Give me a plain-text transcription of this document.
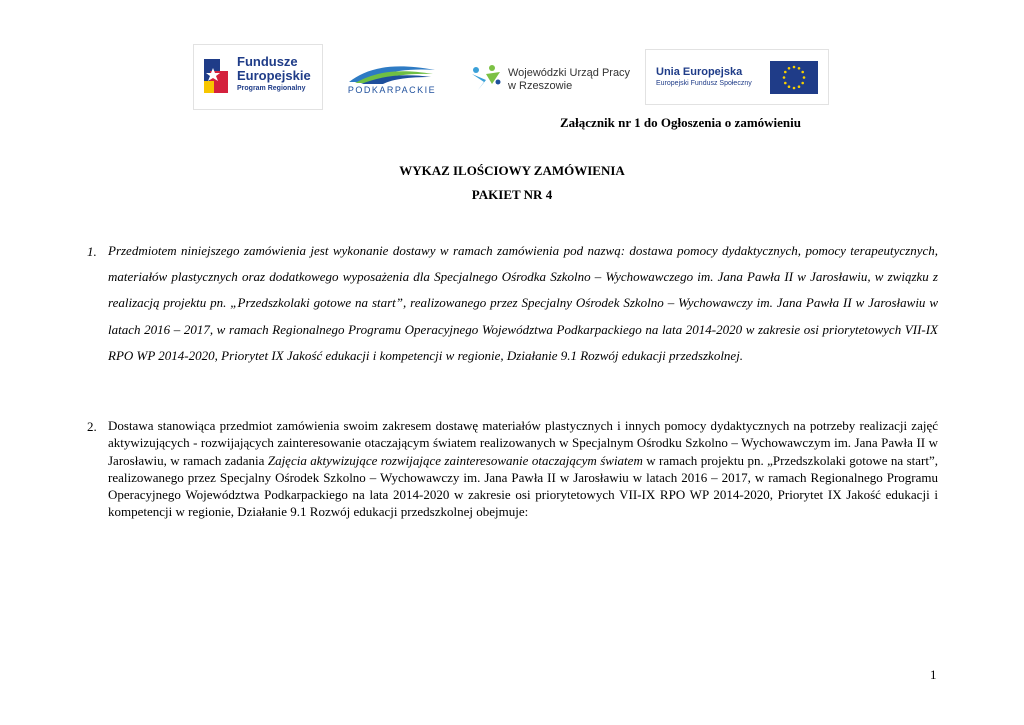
Fundusze
Europejskie
Program Regionalny	PODKARPACKIE
Wojewódzki Urząd Pracy
w Rzeszowie
Unia Europejska
Europejski Fundusz Społeczny
Załącznik nr 1 do Ogłoszenia o zamówieniu
WYKAZ ILOŚCIOWY ZAMÓWIENIA
PAKIET NR 4
1. Przedmiotem niniejszego zamówienia jest wykonanie dostawy w ramach zamówienia pod nazwą: dostawa pomocy dydaktycznych, pomocy terapeutycznych, materiałów plastycznych oraz dodatkowego wyposażenia dla Specjalnego Ośrodka Szkolno – Wychowawczego im. Jana Pawła II w Jarosławiu, w związku z realizacją projektu pn. „Przedszkolaki gotowe na start”, realizowanego przez Specjalny Ośrodek Szkolno – Wychowawczy im. Jana Pawła II w Jarosławiu w latach 2016 – 2017, w ramach Regionalnego Programu Operacyjnego Województwa Podkarpackiego na lata 2014-2020 w zakresie osi priorytetowych VII-IX RPO WP 2014-2020, Priorytet IX Jakość edukacji i kompetencji w regionie, Działanie 9.1 Rozwój edukacji przedszkolnej.
2. Dostawa stanowiąca przedmiot zamówienia swoim zakresem dostawę materiałów plastycznych i innych pomocy dydaktycznych na potrzeby realizacji zajęć aktywizujących - rozwijających zainteresowanie otaczającym światem realizowanych w Specjalnym Ośrodku Szkolno – Wychowawczym im. Jana Pawła II w Jarosławiu, w ramach zadania Zajęcia aktywizujące rozwijające zainteresowanie otaczającym światem w ramach projektu pn. „Przedszkolaki gotowe na start”, realizowanego przez Specjalny Ośrodek Szkolno – Wychowawczy im. Jana Pawła II w Jarosławiu w latach 2016 – 2017, w ramach Regionalnego Programu Operacyjnego Województwa Podkarpackiego na lata 2014-2020 w zakresie osi priorytetowych VII-IX RPO WP 2014-2020, Priorytet IX Jakość edukacji i kompetencji w regionie, Działanie 9.1 Rozwój edukacji przedszkolnej obejmuje:
1
